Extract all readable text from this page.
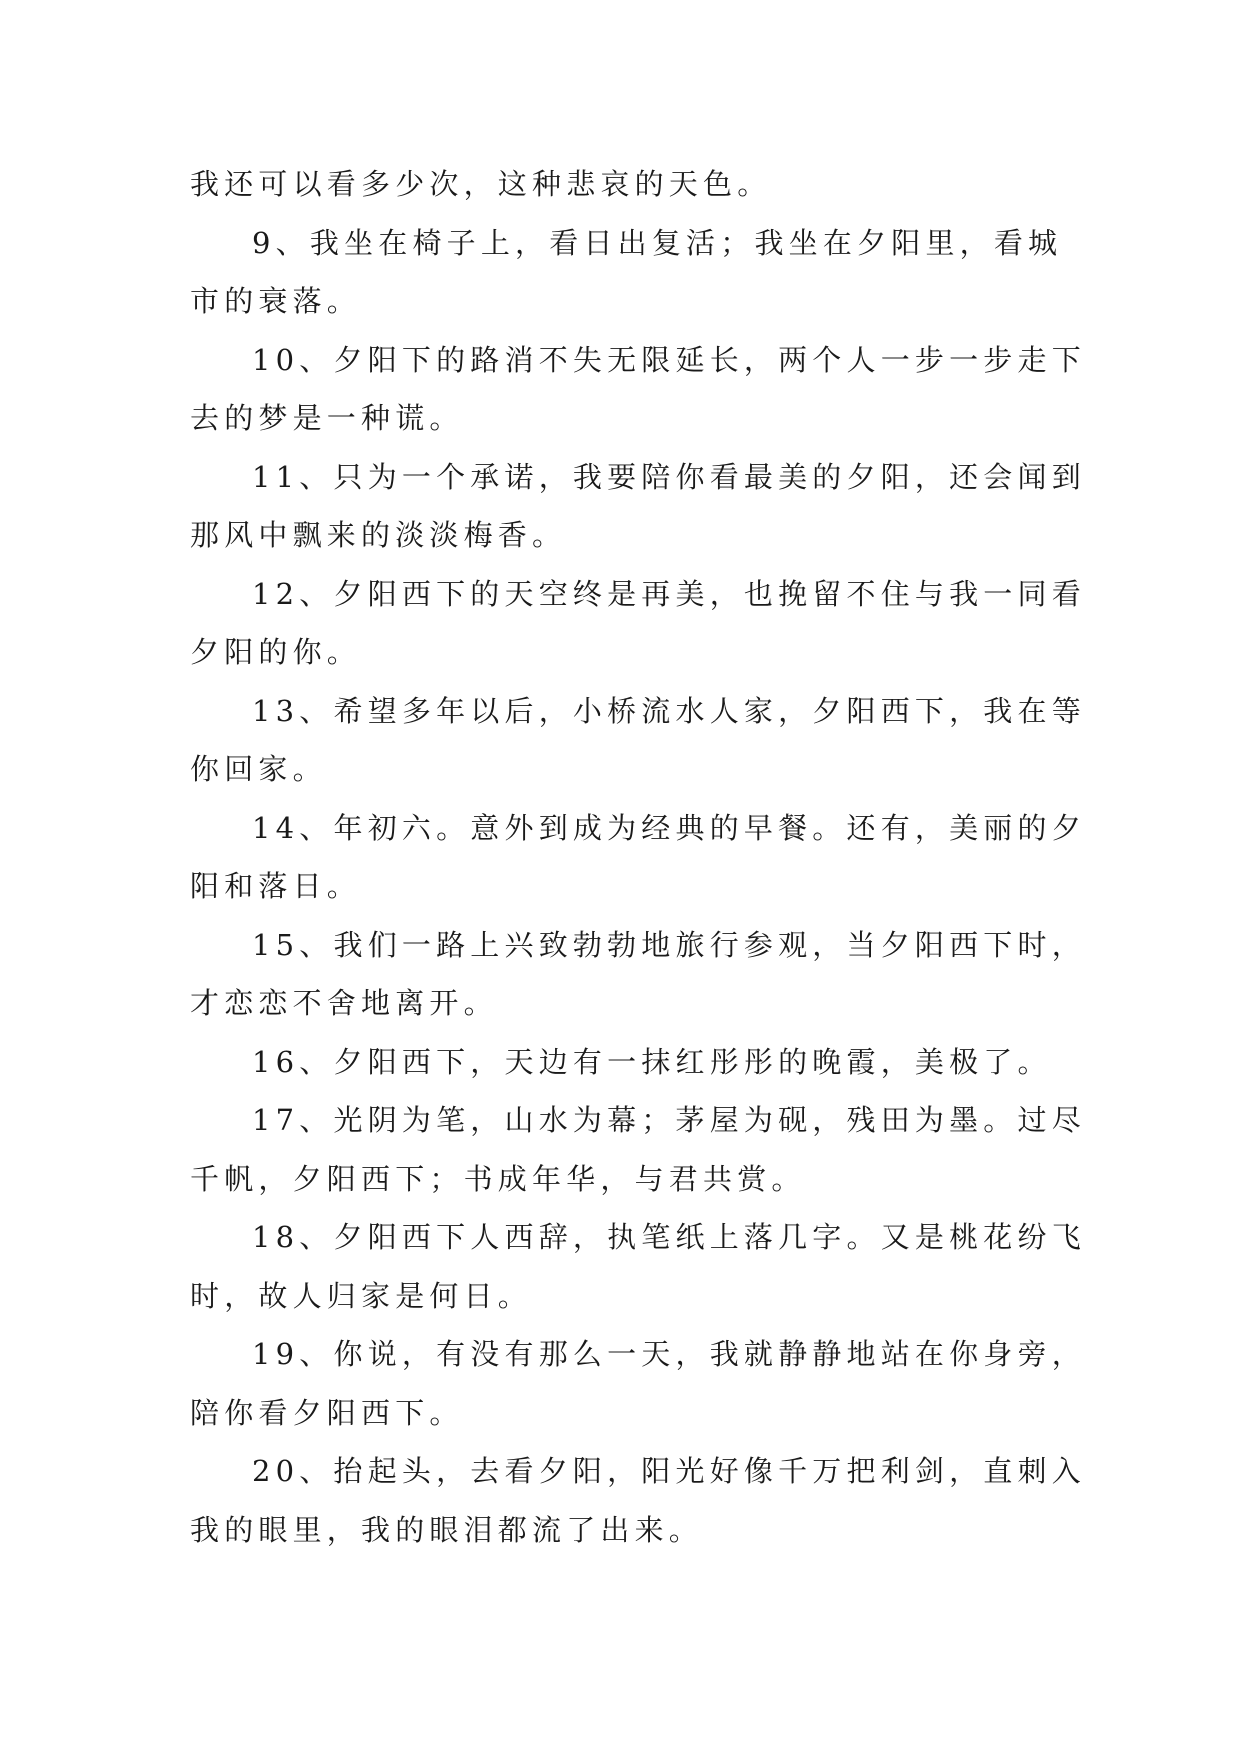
我还可以看多少次，这种悲哀的天色。
9、我坐在椅子上，看日出复活；我坐在夕阳里，看城
市的衰落。
10、夕阳下的路消不失无限延长，两个人一步一步走下
去的梦是一种谎。
11、只为一个承诺，我要陪你看最美的夕阳，还会闻到
那风中飘来的淡淡梅香。
12、夕阳西下的天空终是再美，也挽留不住与我一同看
夕阳的你。
13、希望多年以后，小桥流水人家，夕阳西下，我在等
你回家。
14、年初六。意外到成为经典的早餐。还有，美丽的夕
阳和落日。
15、我们一路上兴致勃勃地旅行参观，当夕阳西下时，
才恋恋不舍地离开。
16、夕阳西下，天边有一抹红彤彤的晚霞，美极了。
17、光阴为笔，山水为幕；茅屋为砚，残田为墨。过尽
千帆，夕阳西下；书成年华，与君共赏。
18、夕阳西下人西辞，执笔纸上落几字。又是桃花纷飞
时，故人归家是何日。
19、你说，有没有那么一天，我就静静地站在你身旁，
陪你看夕阳西下。
20、抬起头，去看夕阳，阳光好像千万把利剑，直刺入
我的眼里，我的眼泪都流了出来。
